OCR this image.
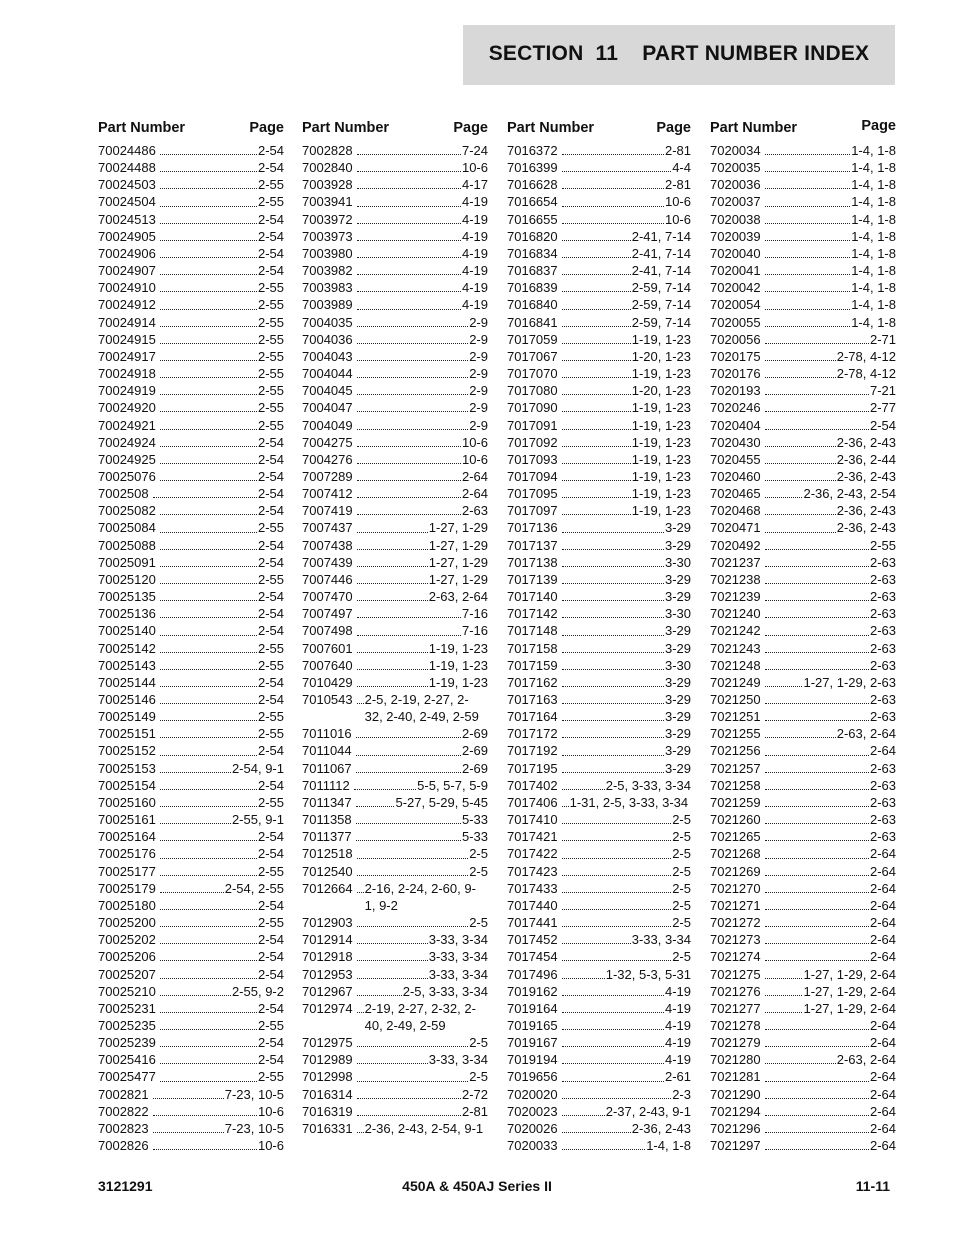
SECTION  11    PART NUMBER INDEX
Part Number	Page
70024486	2-54
70024488	2-54
70024503	2-55
70024504	2-55
70024513	2-54
70024905	2-54
70024906	2-54
70024907	2-54
70024910	2-55
70024912	2-55
70024914	2-55
70024915	2-55
70024917	2-55
70024918	2-55
70024919	2-55
70024920	2-55
70024921	2-55
70024924	2-54
70024925	2-54
70025076	2-54
7002508	2-54
70025082	2-54
70025084	2-55
70025088	2-54
70025091	2-54
70025120	2-55
70025135	2-54
70025136	2-54
70025140	2-54
70025142	2-55
70025143	2-55
70025144	2-54
70025146	2-54
70025149	2-55
70025151	2-55
70025152	2-54
70025153	2-54, 9-1
70025154	2-54
70025160	2-55
70025161	2-55, 9-1
70025164	2-54
70025176	2-54
70025177	2-55
70025179	2-54, 2-55
70025180	2-54
70025200	2-55
70025202	2-54
70025206	2-54
70025207	2-54
70025210	2-55, 9-2
70025231	2-54
70025235	2-55
70025239	2-54
70025416	2-54
70025477	2-55
7002821	7-23, 10-5
7002822	10-6
7002823	7-23, 10-5
7002826	10-6
Part Number	Page
7002828	7-24
7002840	10-6
7003928	4-17
7003941	4-19
7003972	4-19
7003973	4-19
7003980	4-19
7003982	4-19
7003983	4-19
7003989	4-19
7004035	2-9
7004036	2-9
7004043	2-9
7004044	2-9
7004045	2-9
7004047	2-9
7004049	2-9
7004275	10-6
7004276	10-6
7007289	2-64
7007412	2-64
7007419	2-63
7007437	1-27, 1-29
7007438	1-27, 1-29
7007439	1-27, 1-29
7007446	1-27, 1-29
7007470	2-63, 2-64
7007497	7-16
7007498	7-16
7007601	1-19, 1-23
7007640	1-19, 1-23
7010429	1-19, 1-23
7010543 2-5, 2-19, 2-27, 2-32, 2-40, 2-49, 2-59
7011016	2-69
7011044	2-69
7011067	2-69
7011112	5-5, 5-7, 5-9
7011347	5-27, 5-29, 5-45
7011358	5-33
7011377	5-33
7012518	2-5
7012540	2-5
7012664 2-16, 2-24, 2-60, 9-1, 9-2
7012903	2-5
7012914	3-33, 3-34
7012918	3-33, 3-34
7012953	3-33, 3-34
7012967	2-5, 3-33, 3-34
7012974 2-19, 2-27, 2-32, 2-40, 2-49, 2-59
7012975	2-5
7012989	3-33, 3-34
7012998	2-5
7016314	2-72
7016319	2-81
7016331 2-36, 2-43, 2-54, 9-1
Part Number	Page
7016372	2-81
7016399	4-4
7016628	2-81
7016654	10-6
7016655	10-6
7016820	2-41, 7-14
7016834	2-41, 7-14
7016837	2-41, 7-14
7016839	2-59, 7-14
7016840	2-59, 7-14
7016841	2-59, 7-14
7017059	1-19, 1-23
7017067	1-20, 1-23
7017070	1-19, 1-23
7017080	1-20, 1-23
7017090	1-19, 1-23
7017091	1-19, 1-23
7017092	1-19, 1-23
7017093	1-19, 1-23
7017094	1-19, 1-23
7017095	1-19, 1-23
7017097	1-19, 1-23
7017136	3-29
7017137	3-29
7017138	3-30
7017139	3-29
7017140	3-29
7017142	3-30
7017148	3-29
7017158	3-29
7017159	3-30
7017162	3-29
7017163	3-29
7017164	3-29
7017172	3-29
7017192	3-29
7017195	3-29
7017402	2-5, 3-33, 3-34
7017406 1-31, 2-5, 3-33, 3-34
7017410	2-5
7017421	2-5
7017422	2-5
7017423	2-5
7017433	2-5
7017440	2-5
7017441	2-5
7017452	3-33, 3-34
7017454	2-5
7017496	1-32, 5-3, 5-31
7019162	4-19
7019164	4-19
7019165	4-19
7019167	4-19
7019194	4-19
7019656	2-61
7020020	2-3
7020023	2-37, 2-43, 9-1
7020026	2-36, 2-43
7020033	1-4, 1-8
Part Number	Page
7020034	1-4, 1-8
7020035	1-4, 1-8
7020036	1-4, 1-8
7020037	1-4, 1-8
7020038	1-4, 1-8
7020039	1-4, 1-8
7020040	1-4, 1-8
7020041	1-4, 1-8
7020042	1-4, 1-8
7020054	1-4, 1-8
7020055	1-4, 1-8
7020056	2-71
7020175	2-78, 4-12
7020176	2-78, 4-12
7020193	7-21
7020246	2-77
7020404	2-54
7020430	2-36, 2-43
7020455	2-36, 2-44
7020460	2-36, 2-43
7020465	2-36, 2-43, 2-54
7020468	2-36, 2-43
7020471	2-36, 2-43
7020492	2-55
7021237	2-63
7021238	2-63
7021239	2-63
7021240	2-63
7021242	2-63
7021243	2-63
7021248	2-63
7021249	1-27, 1-29, 2-63
7021250	2-63
7021251	2-63
7021255	2-63, 2-64
7021256	2-64
7021257	2-63
7021258	2-63
7021259	2-63
7021260	2-63
7021265	2-63
7021268	2-64
7021269	2-64
7021270	2-64
7021271	2-64
7021272	2-64
7021273	2-64
7021274	2-64
7021275	1-27, 1-29, 2-64
7021276	1-27, 1-29, 2-64
7021277	1-27, 1-29, 2-64
7021278	2-64
7021279	2-64
7021280	2-63, 2-64
7021281	2-64
7021290	2-64
7021294	2-64
7021296	2-64
7021297	2-64
3121291	450A & 450AJ Series II	11-11
